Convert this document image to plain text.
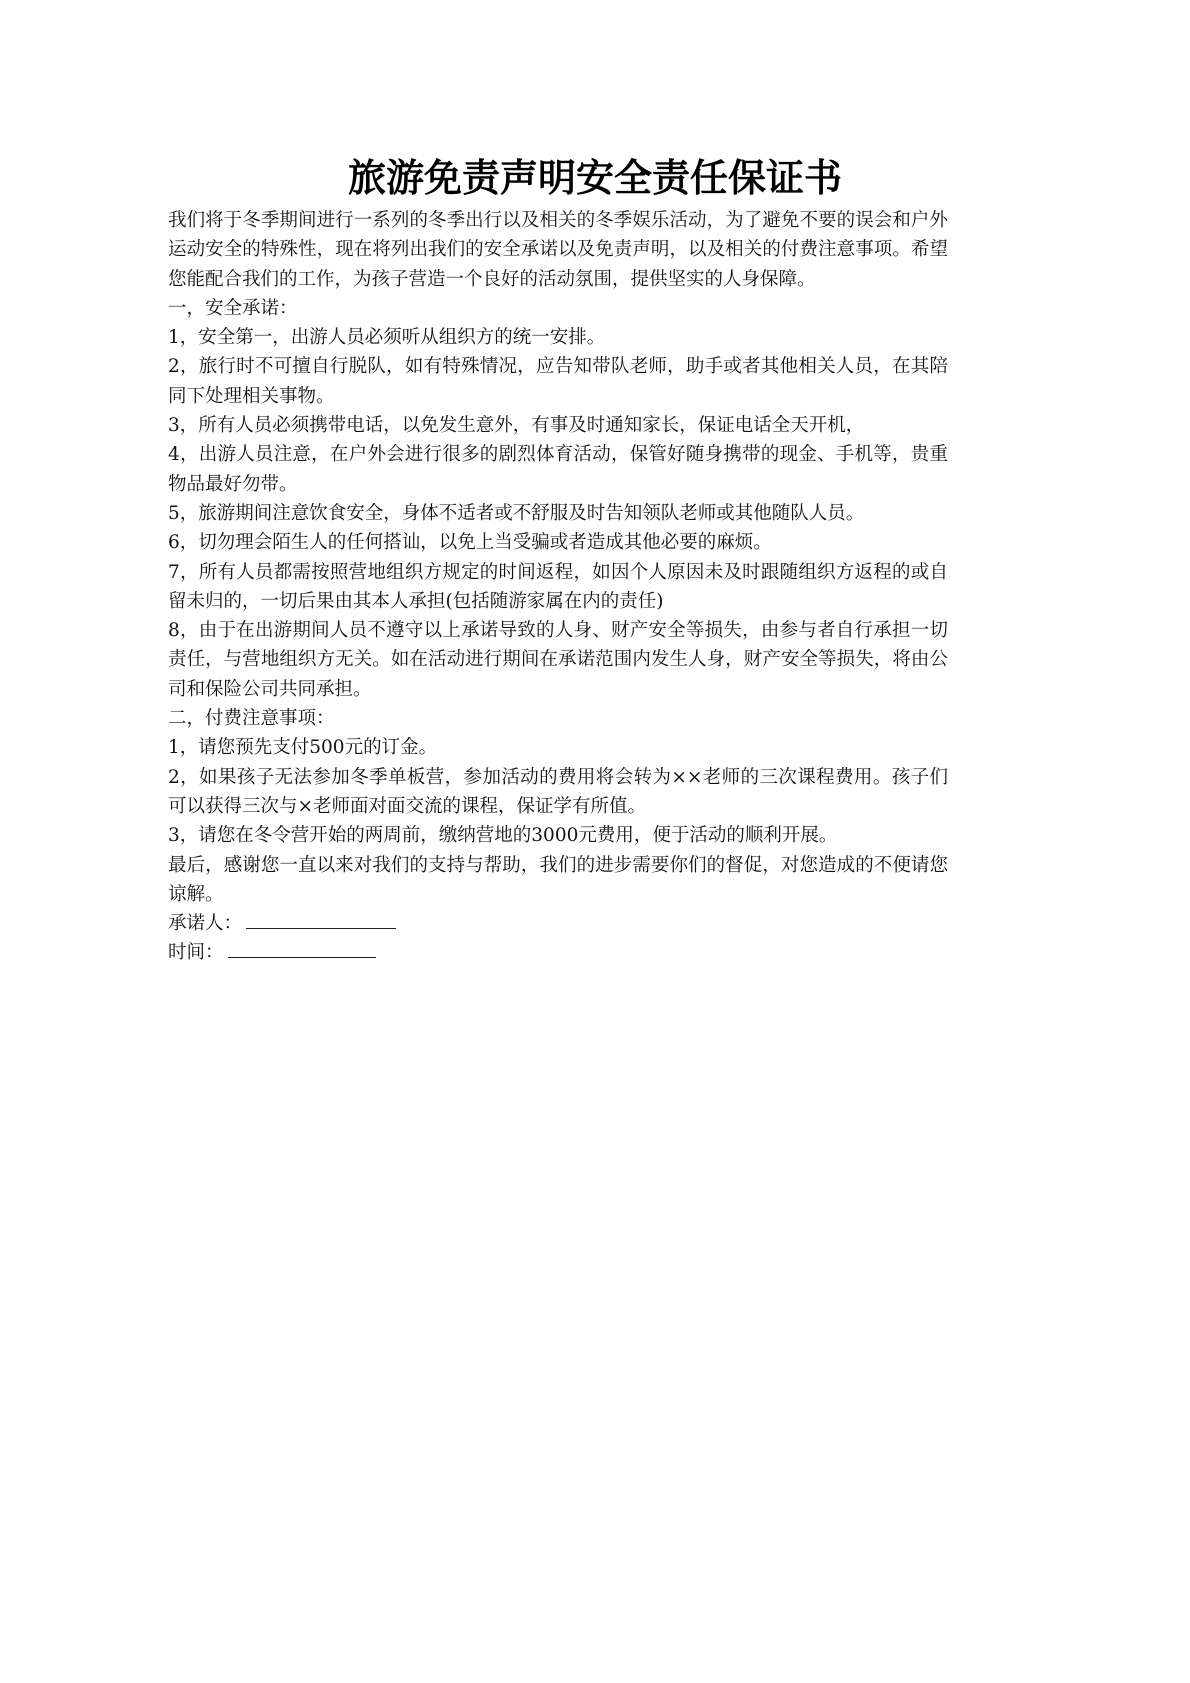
旅游免责声明安全责任保证书

我们将于冬季期间进行一系列的冬季出行以及相关的冬季娱乐活动，为了避免不要的误会和户外运动安全的特殊性，现在将列出我们的安全承诺以及免责声明，以及相关的付费注意事项。希望您能配合我们的工作，为孩子营造一个良好的活动氛围，提供坚实的人身保障。

一，安全承诺：

1，安全第一，出游人员必须听从组织方的统一安排。

2，旅行时不可擅自行脱队，如有特殊情况，应告知带队老师，助手或者其他相关人员，在其陪同下处理相关事物。

3，所有人员必须携带电话，以免发生意外，有事及时通知家长，保证电话全天开机，

4，出游人员注意，在户外会进行很多的剧烈体育活动，保管好随身携带的现金、手机等，贵重物品最好勿带。

5，旅游期间注意饮食安全，身体不适者或不舒服及时告知领队老师或其他随队人员。

6，切勿理会陌生人的任何搭讪，以免上当受骗或者造成其他必要的麻烦。

7，所有人员都需按照营地组织方规定的时间返程，如因个人原因未及时跟随组织方返程的或自留未归的，一切后果由其本人承担(包括随游家属在内的责任)

8，由于在出游期间人员不遵守以上承诺导致的人身、财产安全等损失，由参与者自行承担一切责任，与营地组织方无关。如在活动进行期间在承诺范围内发生人身，财产安全等损失，将由公司和保险公司共同承担。

二，付费注意事项：

1，请您预先支付500元的订金。

2，如果孩子无法参加冬季单板营，参加活动的费用将会转为××老师的三次课程费用。孩子们可以获得三次与×老师面对面交流的课程，保证学有所值。

3，请您在冬令营开始的两周前，缴纳营地的3000元费用，便于活动的顺利开展。

最后，感谢您一直以来对我们的支持与帮助，我们的进步需要你们的督促，对您造成的不便请您谅解。

承诺人：
时间：
